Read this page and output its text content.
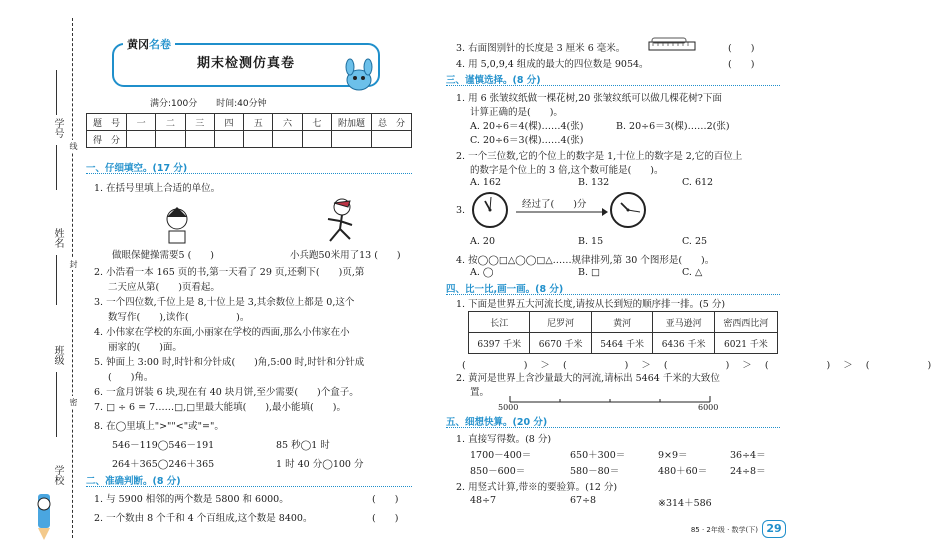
学号
姓名
班级
学校
线
封
密
黄冈名卷
期末检测仿真卷
满分:100分 时间:40分钟
题　号	一	二	三	四	五	六	七	附加题	总　分
得　分									
一、仔细填空。(17 分)
1. 在括号里填上合适的单位。
做眼保健操需要5 (　　)	小兵跑50米用了13 (　　)
2. 小浩看一本 165 页的书,第一天看了 29 页,还剩下(　　)页,第
二天应从第(　　)页看起。
3. 一个四位数,千位上是 8,十位上是 3,其余数位上都是 0,这个
数写作(　　),读作(　　　　　)。
4. 小伟家在学校的东面,小丽家在学校的西面,那么小伟家在小
丽家的(　　)面。
5. 钟面上 3:00 时,时针和分针成(　　)角,5:00 时,时针和分针成
(　　)角。
6. 一盒月饼装 6 块,现在有 40 块月饼,至少需要(　　)个盒子。
7. □ ÷ 6 = 7……□,□里最大能填(　　),最小能填(　　)。
8. 在◯里填上">""<"或"="。
546－119◯546－191	85 秒◯1 时
264＋365◯246＋365	1 时 40 分◯100 分
二、准确判断。(8 分)
1. 与 5900 相邻的两个数是 5800 和 6000。	(　　)
2. 一个数由 8 个千和 4 个百组成,这个数是 8400。	(　　)
3. 右面图别针的长度是 3 厘米 6 毫米。	(　　)
4. 用 5,0,9,4 组成的最大的四位数是 9054。	(　　)
三、谨慎选择。(8 分)
1. 用 6 张皱纹纸做一棵花树,20 张皱纹纸可以做几棵花树?下面
计算正确的是(　　)。
A. 20÷6＝4(棵)……4(张)	B. 20÷6＝3(棵)……2(张)
C. 20÷6＝3(棵)……4(张)
2. 一个三位数,它的个位上的数字是 1,十位上的数字是 2,它的百位上
的数字是个位上的 3 倍,这个数可能是(　　)。
A. 162	B. 132	C. 612
3.
经过了(　　)分
A. 20	B. 15	C. 25
4. 按◯◯□△◯◯□△……规律排列,第 30 个图形是(　　)。
A. ◯	B. □	C. △
四、比一比,画一画。(8 分)
1. 下面是世界五大河流长度,请按从长到短的顺序排一排。(5 分)
长江	尼罗河	黄河	亚马逊河	密西西比河
6397 千米	6670 千米	5464 千米	6436 千米	6021 千米
(　　)＞(　　)＞(　　)＞(　　)＞(　　)
2. 黄河是世界上含沙量最大的河流,请标出 5464 千米的大致位
置。
5000	6000
五、细想快算。(20 分)
1. 直接写得数。(8 分)
1700－400＝	650＋300＝	9×9＝	36÷4＝
850－600＝	580－80＝	480＋60＝ 24÷8＝
2. 用竖式计算,带※的要验算。(12 分)
48÷7	67÷8	※314＋586
85 · 2年级 · 数学(下) 29
